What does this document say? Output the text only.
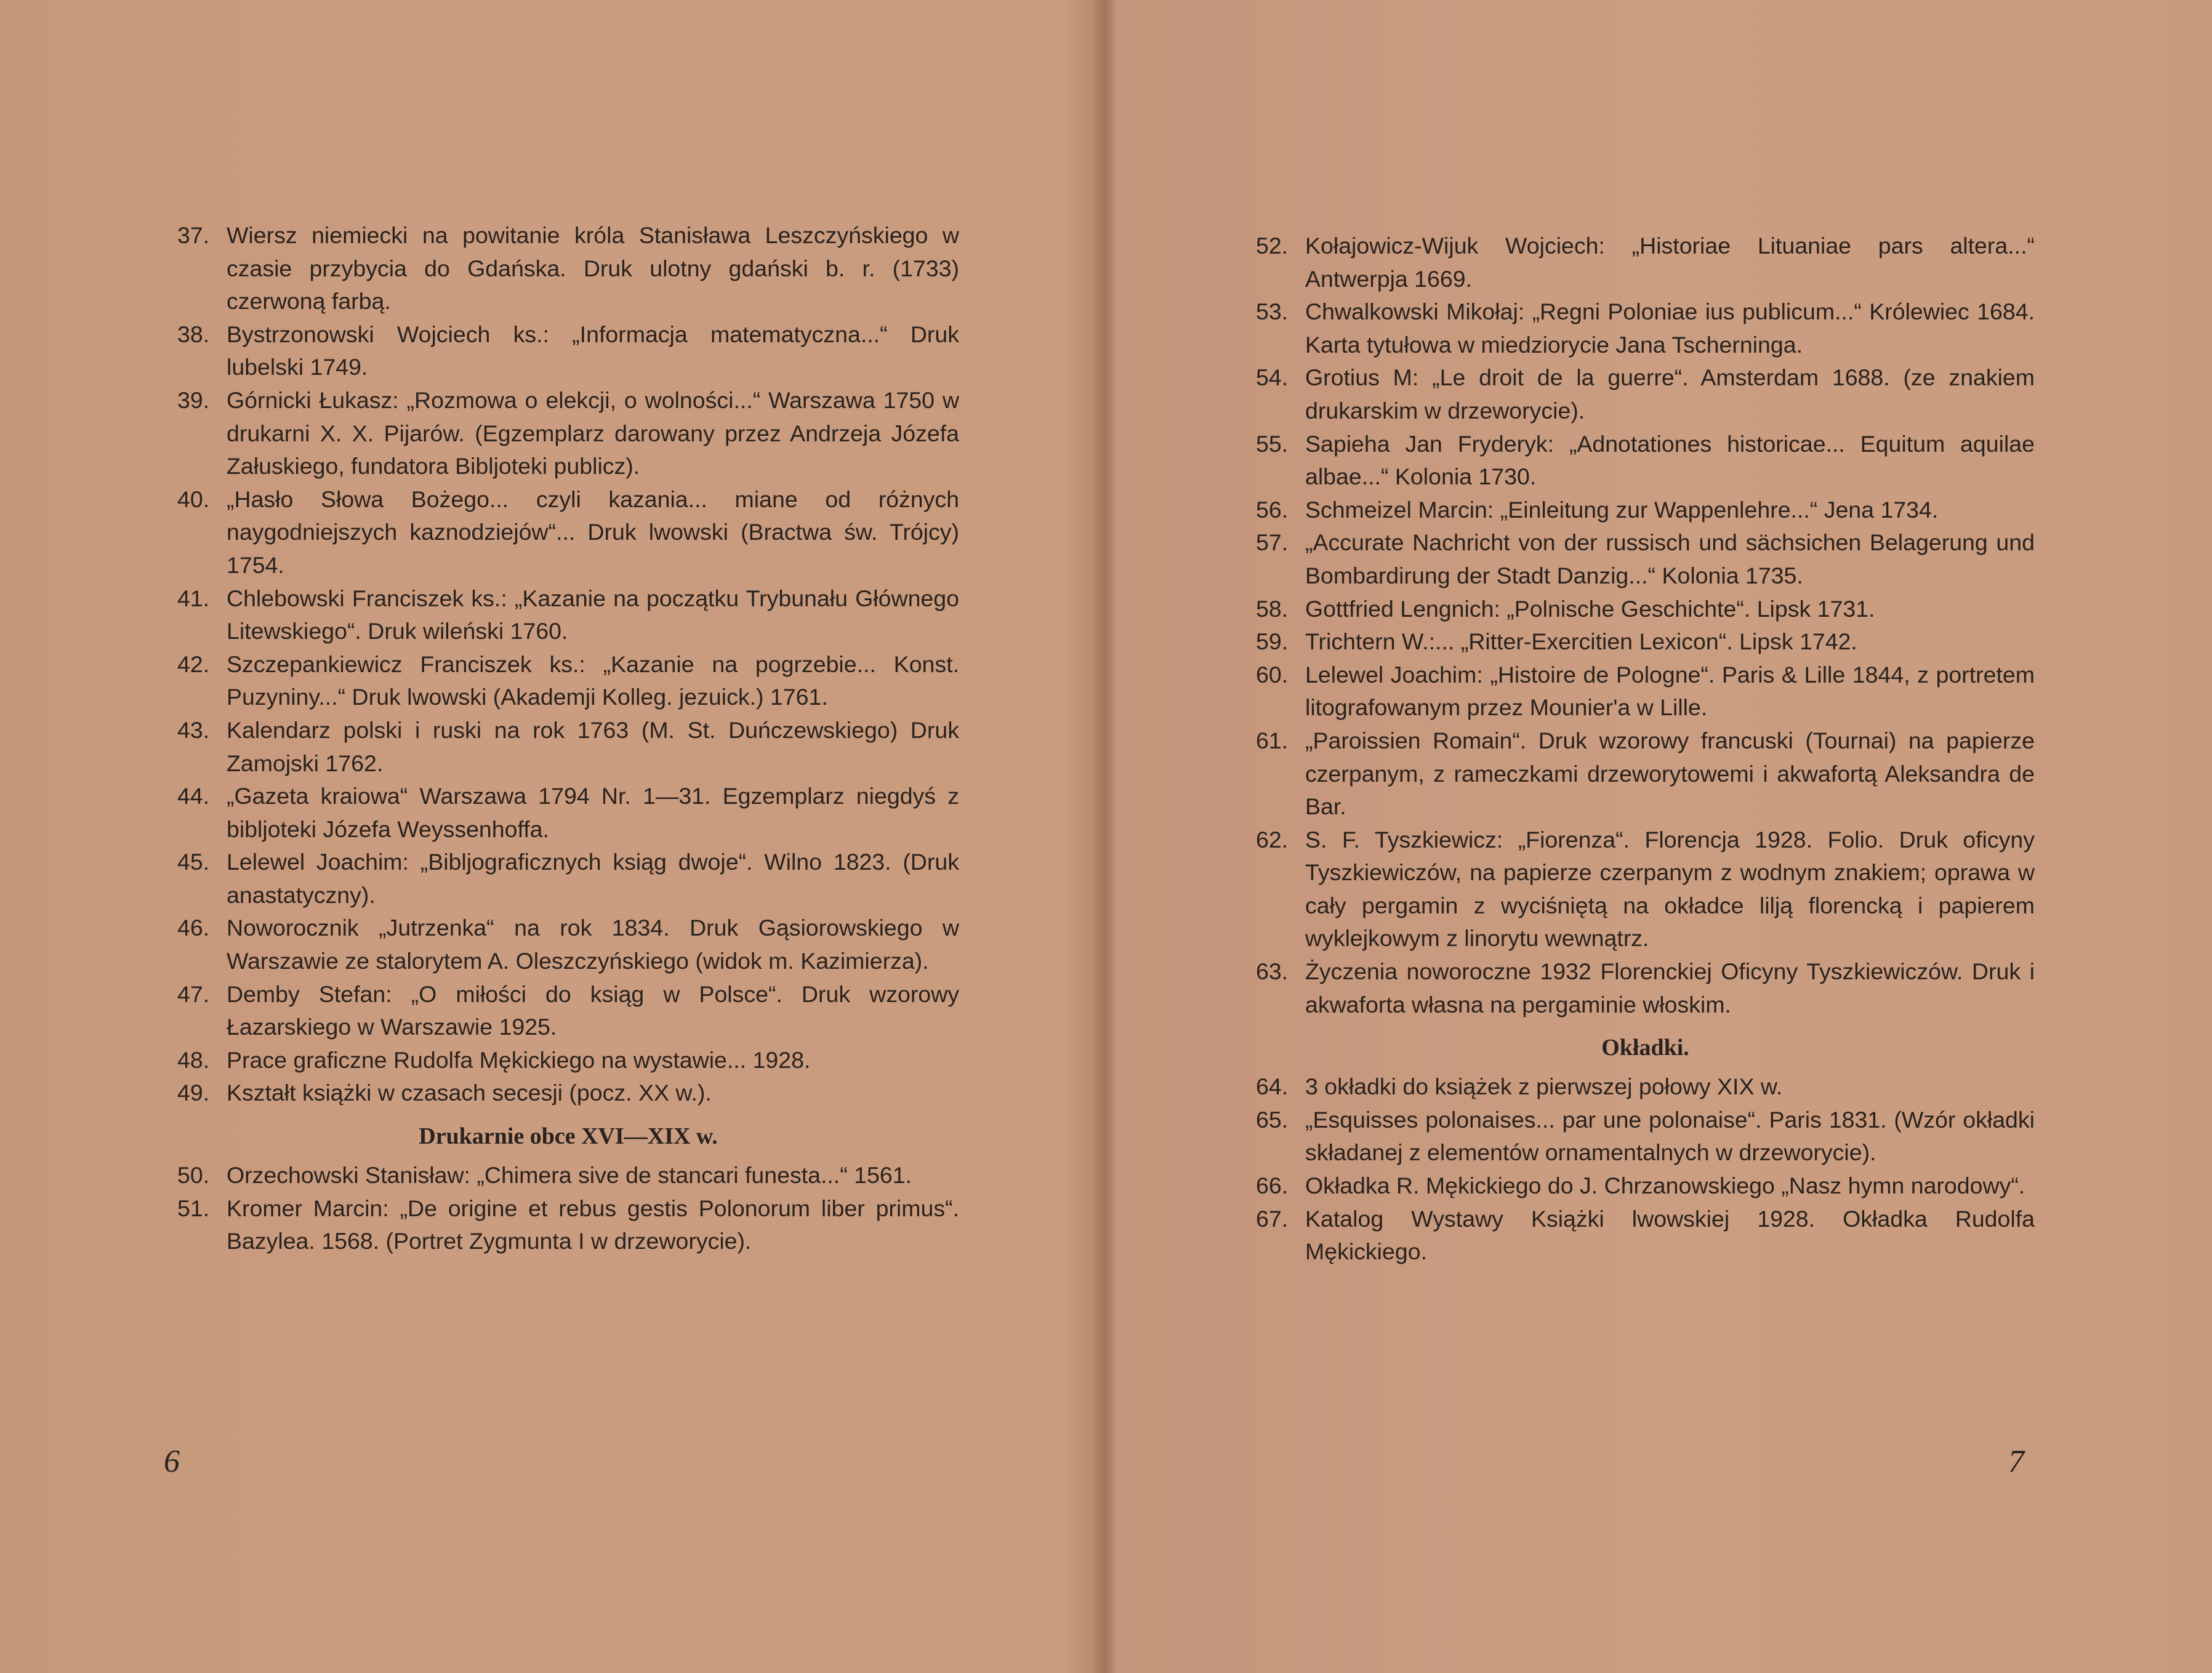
37. Wiersz niemiecki na powitanie króla Stanisława Leszczyńskiego w czasie przybycia do Gdańska. Druk ulotny gdański b. r. (1733) czerwoną farbą.
38. Bystrzonowski Wojciech ks.: „Informacja matematyczna...“ Druk lubelski 1749.
39. Górnicki Łukasz: „Rozmowa o elekcji, o wolności...“ Warszawa 1750 w drukarni X. X. Pijarów. (Egzemplarz darowany przez Andrzeja Józefa Załuskiego, fundatora Bibljoteki publicz).
40. „Hasło Słowa Bożego... czyli kazania... miane od różnych naygodniejszych kaznodziejów“... Druk lwowski (Bractwa św. Trójcy) 1754.
41. Chlebowski Franciszek ks.: „Kazanie na początku Trybunału Głównego Litewskiego“. Druk wileński 1760.
42. Szczepankiewicz Franciszek ks.: „Kazanie na pogrzebie... Konst. Puzyniny...“ Druk lwowski (Akademji Kolleg. jezuick.) 1761.
43. Kalendarz polski i ruski na rok 1763 (M. St. Duńczewskiego) Druk Zamojski 1762.
44. „Gazeta kraiowa“ Warszawa 1794 Nr. 1—31. Egzemplarz niegdyś z bibljoteki Józefa Weyssenhoffa.
45. Lelewel Joachim: „Bibljograficznych ksiąg dwoje“. Wilno 1823. (Druk anastatyczny).
46. Noworocznik „Jutrzenka“ na rok 1834. Druk Gąsiorowskiego w Warszawie ze stalorytem A. Oleszczyńskiego (widok m. Kazimierza).
47. Demby Stefan: „O miłości do ksiąg w Polsce“. Druk wzorowy Łazarskiego w Warszawie 1925.
48. Prace graficzne Rudolfa Mękickiego na wystawie... 1928.
49. Kształt książki w czasach secesji (pocz. XX w.).
Drukarnie obce XVI—XIX w.
50. Orzechowski Stanisław: „Chimera sive de stancari funesta...“ 1561.
51. Kromer Marcin: „De origine et rebus gestis Polonorum liber primus“. Bazylea. 1568. (Portret Zygmunta I w drzeworycie).
6
52. Kołajowicz-Wijuk Wojciech: „Historiae Lituaniae pars altera...“ Antwerpja 1669.
53. Chwalkowski Mikołaj: „Regni Poloniae ius publicum...“ Królewiec 1684. Karta tytułowa w miedziorycie Jana Tscherninga.
54. Grotius M: „Le droit de la guerre“. Amsterdam 1688. (ze znakiem drukarskim w drzeworycie).
55. Sapieha Jan Fryderyk: „Adnotationes historicae... Equitum aquilae albae...“ Kolonia 1730.
56. Schmeizel Marcin: „Einleitung zur Wappenlehre...“ Jena 1734.
57. „Accurate Nachricht von der russisch und sächsichen Belagerung und Bombardirung der Stadt Danzig...“ Kolonia 1735.
58. Gottfried Lengnich: „Polnische Geschichte“. Lipsk 1731.
59. Trichtern W.:... „Ritter-Exercitien Lexicon“. Lipsk 1742.
60. Lelewel Joachim: „Histoire de Pologne“. Paris & Lille 1844, z portretem litografowanym przez Mounier'a w Lille.
61. „Paroissien Romain“. Druk wzorowy francuski (Tournai) na papierze czerpanym, z rameczkami drzeworytowemi i akwafortą Aleksandra de Bar.
62. S. F. Tyszkiewicz: „Fiorenza“. Florencja 1928. Folio. Druk oficyny Tyszkiewiczów, na papierze czerpanym z wodnym znakiem; oprawa w cały pergamin z wyciśniętą na okładce lilją florencką i papierem wyklejkowym z linorytu wewnątrz.
63. Życzenia noworoczne 1932 Florenckiej Oficyny Tyszkiewiczów. Druk i akwaforta własna na pergaminie włoskim.
Okładki.
64. 3 okładki do książek z pierwszej połowy XIX w.
65. „Esquisses polonaises... par une polonaise“. Paris 1831. (Wzór okładki składanej z elementów ornamentalnych w drzeworycie).
66. Okładka R. Mękickiego do J. Chrzanowskiego „Nasz hymn narodowy“.
67. Katalog Wystawy Książki lwowskiej 1928. Okładka Rudolfa Mękickiego.
7
